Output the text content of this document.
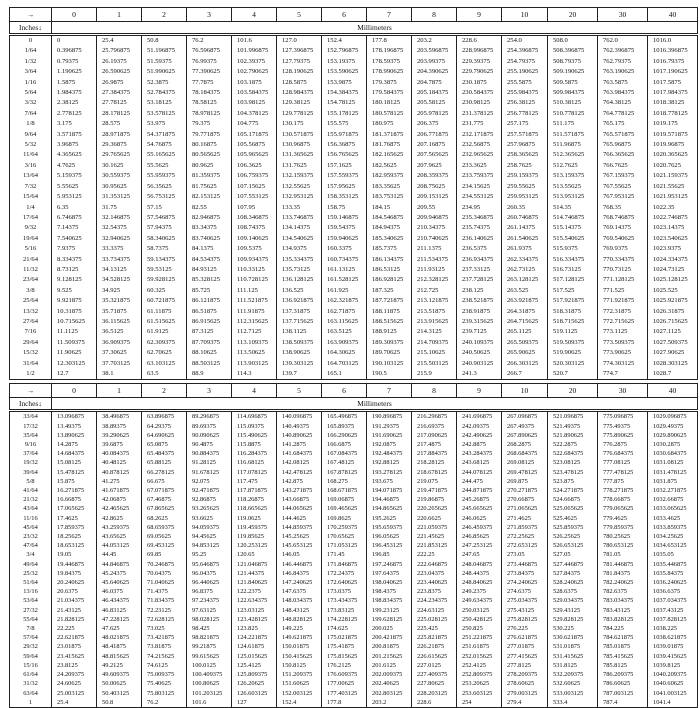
→	0	1	2	3	4	5	6	7	8	9	10	20	30	40
Inches↓	Millimeters													
0	0	25.4	50.8	76.2	101.6	127.0	152.4	177.8	203.2	228.6	254.0	508.0	762.0	1016.0
1/64	0.396875	25.796875	51.196875	76.596875	101.996875	127.396875	152.796875	178.196875	203.596875	228.996875	254.396875	508.396875	762.396875	1016.396875
1/32	0.79375	26.19375	51.59375	76.99375	102.39375	127.79375	153.19375	178.59375	203.99375	229.39375	254.79375	508.79375	762.79375	1016.79375
3/64	1.190625	26.590625	51.990625	77.390625	102.790625	128.190625	153.590625	178.990625	204.390625	229.790625	255.190625	509.190625	763.190625	1017.190625
1/16	1.5875	26.9875	52.3875	77.7875	103.1875	128.5875	153.9875	179.3875	204.7875	230.1875	255.5875	509.5875	763.5875	1017.5875
5/64	1.984375	27.384375	52.784375	78.184375	103.584375	128.984375	154.384375	179.584375	205.184375	230.584375	255.984375	509.984375	763.984375	1017.984375
3/32	2.38125	27.78125	53.18125	78.58125	103.98125	129.38125	154.78125	180.18125	205.58125	230.98125	256.38125	510.38125	764.38125	1018.38125
7/64	2.778125	28.178125	53.578125	78.978125	104.378125	129.778125	155.178125	180.578125	205.978125	231.378125	256.778125	510.778125	764.778125	1018.778125
1/8	3.175	28.575	53.975	79.375	104.775	130.175	155.575	180.975	206.375	231.775	257.175	511.175	765.175	1019.175
9/64	3.571875	28.971875	54.371875	79.771875	105.171875	130.571875	155.971875	181.371875	206.771875	232.171875	257.571875	511.571875	765.571875	1019.571875
5/32	3.96875	29.36875	54.76875	80.16875	105.56875	130.96875	156.36875	181.76875	207.16875	232.56875	257.96875	511.96875	765.96875	1019.96875
11/64	4.365625	29.765625	55.165625	80.565625	105.965625	131.365625	156.765625	182.165625	207.565625	232.965625	258.365625	512.365625	766.365625	1020.365625
3/16	4.7625	30.1625	55.5625	80.9625	106.3625	131.7625	157.1625	182.5625	207.9625	233.3625	258.7625	512.7625	766.7625	1020.7625
13/64	5.159375	30.559375	55.959375	81.359375	106.759375	132.159375	157.559375	182.959375	208.359375	233.759375	259.159375	513.159375	767.159375	1021.159375
7/32	5.55625	30.95625	56.35625	81.75625	107.15625	132.55625	157.95625	183.35625	208.75625	234.15625	259.55625	513.55625	767.55625	1021.55625
15/64	5.953125	31.353125	56.753125	82.153125	107.553125	132.953125	158.353125	183.753125	209.153125	234.553125	259.953125	513.953125	767.953125	1021.953125
1/4	6.35	31.75	57.15	82.55	107.95	133.35	158.75	184.15	209.55	234.95	260.35	514.35	768.35	1022.35
17/64	6.746875	32.146875	57.546875	82.946875	108.346875	133.746875	159.146875	184.546875	209.946875	235.346875	260.746875	514.746875	768.746875	1022.746875
9/32	7.14375	32.54375	57.94375	83.34375	108.74375	134.14375	159.54375	184.94375	210.34375	235.74375	261.14375	515.14375	769.14375	1023.14375
19/64	7.540625	32.940625	58.340625	83.740625	109.140625	134.540625	159.940625	185.340625	210.740625	236.140625	261.540625	515.540625	769.540625	1023.540625
5/16	7.9375	33.3375	58.7375	84.1375	109.5375	134.9375	160.3375	185.7375	211.1375	236.5375	261.9375	515.9375	769.9375	1023.9375
21/64	8.334375	33.734375	59.134375	84.534375	109.934375	135.334375	160.734375	186.134375	211.534375	236.934375	262.334375	516.334375	770.334375	1024.334375
11/32	8.73125	34.13125	59.53125	84.93125	110.33125	135.73125	161.13125	186.53125	211.93125	237.33125	262.73125	516.73125	770.73125	1024.73125
23/64	9.128125	34.528125	59.928125	85.328125	110.728125	136.128125	161.528125	186.928125	212.328125	237.728125	263.128125	517.128125	771.128125	1025.128125
3/8	9.525	34.925	60.325	85.725	111.125	136.525	161.925	187.325	212.725	238.125	263.525	517.525	771.525	1025.525
25/64	9.921875	35.321875	60.721875	86.121875	111.521875	136.921875	162.321875	187.721875	213.121875	238.521875	263.921875	517.921875	771.921875	1025.921875
13/32	10.31875	35.71875	61.11875	86.51875	111.91875	137.31875	162.71875	188.11875	213.51875	238.91875	264.31875	518.31875	772.31875	1026.31875
27/64	10.715625	36.115625	61.515625	86.915625	112.315625	137.715625	163.115625	188.515625	213.915625	239.315625	264.715625	518.715625	772.715625	1026.715625
7/16	11.1125	36.5125	61.9125	87.3125	112.7125	138.1125	163.5125	188.9125	214.3125	239.7125	265.1125	519.1125	773.1125	1027.1125
29/64	11.509375	36.909375	62.309375	87.709375	113.109375	138.509375	163.909375	189.309375	214.709375	240.109375	265.509375	519.509375	773.509375	1027.509375
15/32	11.90625	37.30625	62.70625	88.10625	113.50625	138.90625	164.30625	189.70625	215.10625	240.50625	265.90625	519.90625	773.90625	1027.90625
31/64	12.303125	37.703125	63.103125	88.503125	113.903125	139.303125	164.703125	190.103125	215.503125	240.903125	266.303125	520.303125	774.303125	1028.303125
1/2	12.7	38.1	63.5	88.9	114.3	139.7	165.1	190.5	215.9	241.3	266.7	520.7	774.7	1028.7
→	0	1	2	3	4	5	6	7	8	9	10	20	30	40
Inches↓	Millimeters													
33/64	13.096875	38.496875	63.896875	89.296875	114.696875	140.096875	165.496875	190.896875	216.296875	241.696875	267.096875	521.096875	775.096875	1029.096875
17/32	13.49375	38.89375	64.29375	89.69375	115.09375	140.49375	165.89375	191.29375	216.69375	242.09375	267.49375	521.49375	775.49375	1029.49375
35/64	13.890625	39.290625	64.690625	90.090625	115.490625	140.890625	166.290625	191.690625	217.090625	242.490625	267.890625	521.890625	775.890625	1029.890625
9/16	14.2875	39.6875	65.0875	90.4875	115.8875	141.2875	166.6875	192.0875	217.4875	242.8875	268.2875	522.2875	776.2875	1030.2875
37/64	14.684375	40.084375	65.484375	90.884375	116.284375	141.684375	167.084375	192.484375	217.884375	243.284375	268.684375	522.684375	776.684375	1030.684375
19/32	15.08125	40.48125	65.88125	91.28125	116.68125	142.08125	167.48125	192.88125	218.28125	243.68125	269.08125	523.08125	777.08125	1031.08125
39/64	15.478125	40.878125	66.278125	91.678125	117.078125	142.478125	167.878125	193.278125	218.678125	244.078125	269.478125	523.478125	777.478125	1031.478125
5/8	15.875	41.275	66.675	92.075	117.475	142.875	168.275	193.675	219.075	244.475	269.875	523.875	777.875	1031.875
41/64	16.271875	41.671875	67.071875	92.471875	117.871875	143.271875	168.671875	194.071875	219.471875	244.871875	270.271875	524.271875	778.271875	1032.271875
21/32	16.66875	42.06875	67.46875	92.86875	118.26875	143.66875	169.06875	194.46875	219.86875	245.26875	270.66875	524.66875	778.66875	1032.66875
43/64	17.065625	42.465625	67.865625	93.265625	118.665625	144.065625	169.465625	194.865625	220.265625	245.665625	271.065625	525.065625	779.065625	1033.065625
11/16	17.4625	42.8625	68.2625	93.6625	119.0625	144.4625	169.8625	195.2625	220.6625	246.0625	271.4625	525.4625	779.4625	1033.4625
45/64	17.859375	43.259375	68.659375	94.059375	119.459375	144.859375	170.259375	195.659375	221.059375	246.459375	271.859375	525.859375	779.859375	1033.859375
23/32	18.25625	43.65625	69.05625	94.45625	119.85625	145.25625	170.65625	196.05625	221.45625	246.85625	272.25625	526.25625	780.25625	1034.25625
47/64	18.653125	44.053125	69.453125	94.853125	120.253125	145.653125	171.053125	196.453125	221.853125	247.253125	272.653125	526.653125	780.653125	1034.653125
3/4	19.05	44.45	69.85	95.25	120.65	146.05	171.45	196.85	222.25	247.65	273.05	527.05	781.05	1035.05
49/64	19.446875	44.846875	70.246875	95.646875	121.046875	146.446875	171.846875	197.246875	222.646875	248.046875	273.446875	527.446875	781.446875	1035.446875
25/32	19.84375	45.24375	70.64375	96.04375	121.44375	146.84375	172.24375	197.64375	223.04375	248.44375	273.84375	527.84375	781.84375	1035.84375
51/64	20.240625	45.640625	71.040625	96.440625	121.840625	147.240625	172.640625	198.040625	223.440625	248.840625	274.240625	528.240625	782.240625	1036.240625
13/16	20.6375	46.0375	71.4375	96.8375	122.2375	147.6375	173.0375	198.4375	223.8375	249.2375	274.6375	528.6375	782.6375	1036.6375
53/64	21.034375	46.434375	71.834375	97.234375	122.634375	148.034375	173.434375	198.834375	224.234375	249.634375	275.034375	529.034375	783.034375	1037.034375
27/32	21.43125	46.83125	72.23125	97.63125	123.03125	148.43125	173.83125	199.23125	224.63125	250.03125	275.43125	529.43125	783.43125	1037.43125
55/64	21.828125	47.228125	72.628125	98.028125	123.428125	148.828125	174.228125	199.628125	225.028125	250.428125	275.828125	529.828125	783.828125	1037.828125
7/8	22.225	47.625	73.025	98.425	123.825	149.225	174.625	200.025	225.425	250.825	276.225	530.225	784.225	1038.225
57/64	22.621875	48.021875	73.421875	98.821875	124.221875	149.621875	175.021875	200.421875	225.821875	251.221875	276.621875	530.621875	784.621875	1038.621875
29/32	23.01875	48.41875	73.81875	99.21875	124.61875	150.01875	175.41875	200.81875	226.21875	251.61875	277.01875	531.01875	785.01875	1039.01875
59/64	23.415625	48.815625	74.215625	99.615625	125.015625	150.415625	175.815625	201.215625	226.615625	252.015625	277.415625	531.415625	785.415625	1039.415625
15/16	23.8125	49.2125	74.6125	100.0125	125.4125	150.8125	176.2125	201.6125	227.0125	252.4125	277.8125	531.8125	785.8125	1039.8125
61/64	24.209375	49.609375	75.009375	100.409375	125.809375	151.209375	176.609375	202.009375	227.409375	252.809375	278.209375	532.209375	786.209375	1040.209375
31/32	24.60625	50.00625	75.40625	100.80625	126.20625	151.60625	177.00625	202.40625	227.80625	253.20625	278.60625	532.60625	786.60625	1040.60625
63/64	25.003125	50.403125	75.803125	101.203125	126.603125	152.003125	177.403125	202.803125	228.203125	253.603125	279.003125	533.003125	787.003125	1041.003125
1	25.4	50.8	76.2	101.6	127	152.4	177.8	203.2	228.6	254	279.4	533.4	787.4	1041.4
